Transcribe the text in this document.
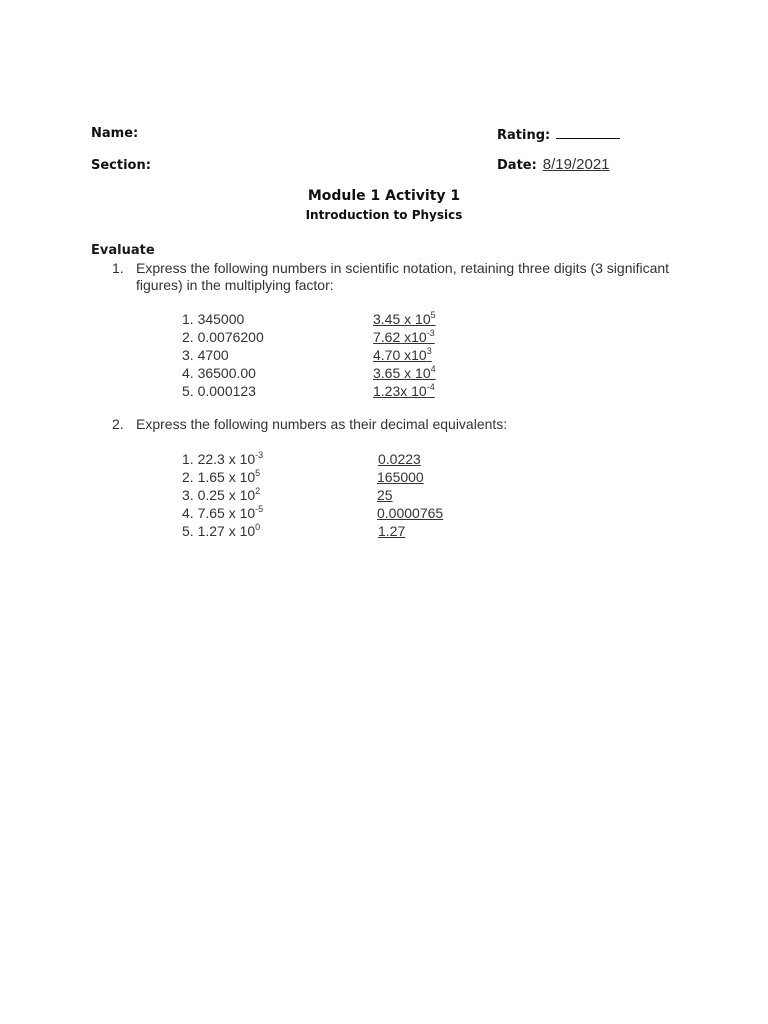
Name:	Rating:
Section:	Date: 8/19/2021
Module 1 Activity 1
Introduction to Physics
Evaluate
1. Express the following numbers in scientific notation, retaining three digits (3 significant figures) in the multiplying factor:
1. 345000	3.45 x $10^5$
2. 0.0076200	7.62 $x10^{-3}$
3. 4700	4.70 $x10^3$
4. 36500.00	3.65 x $10^4$
5. 0.000123	1.23x $10^{-4}$
2. Express the following numbers as their decimal equivalents:
1. 22.3 x $10^{-3}$	0.0223
2. 1.65 x $10^5$	165000
3. 0.25 x $10^2$	25
4. 7.65 x $10^{-5}$	0.0000765
5. 1.27 x $10^0$	1.27
